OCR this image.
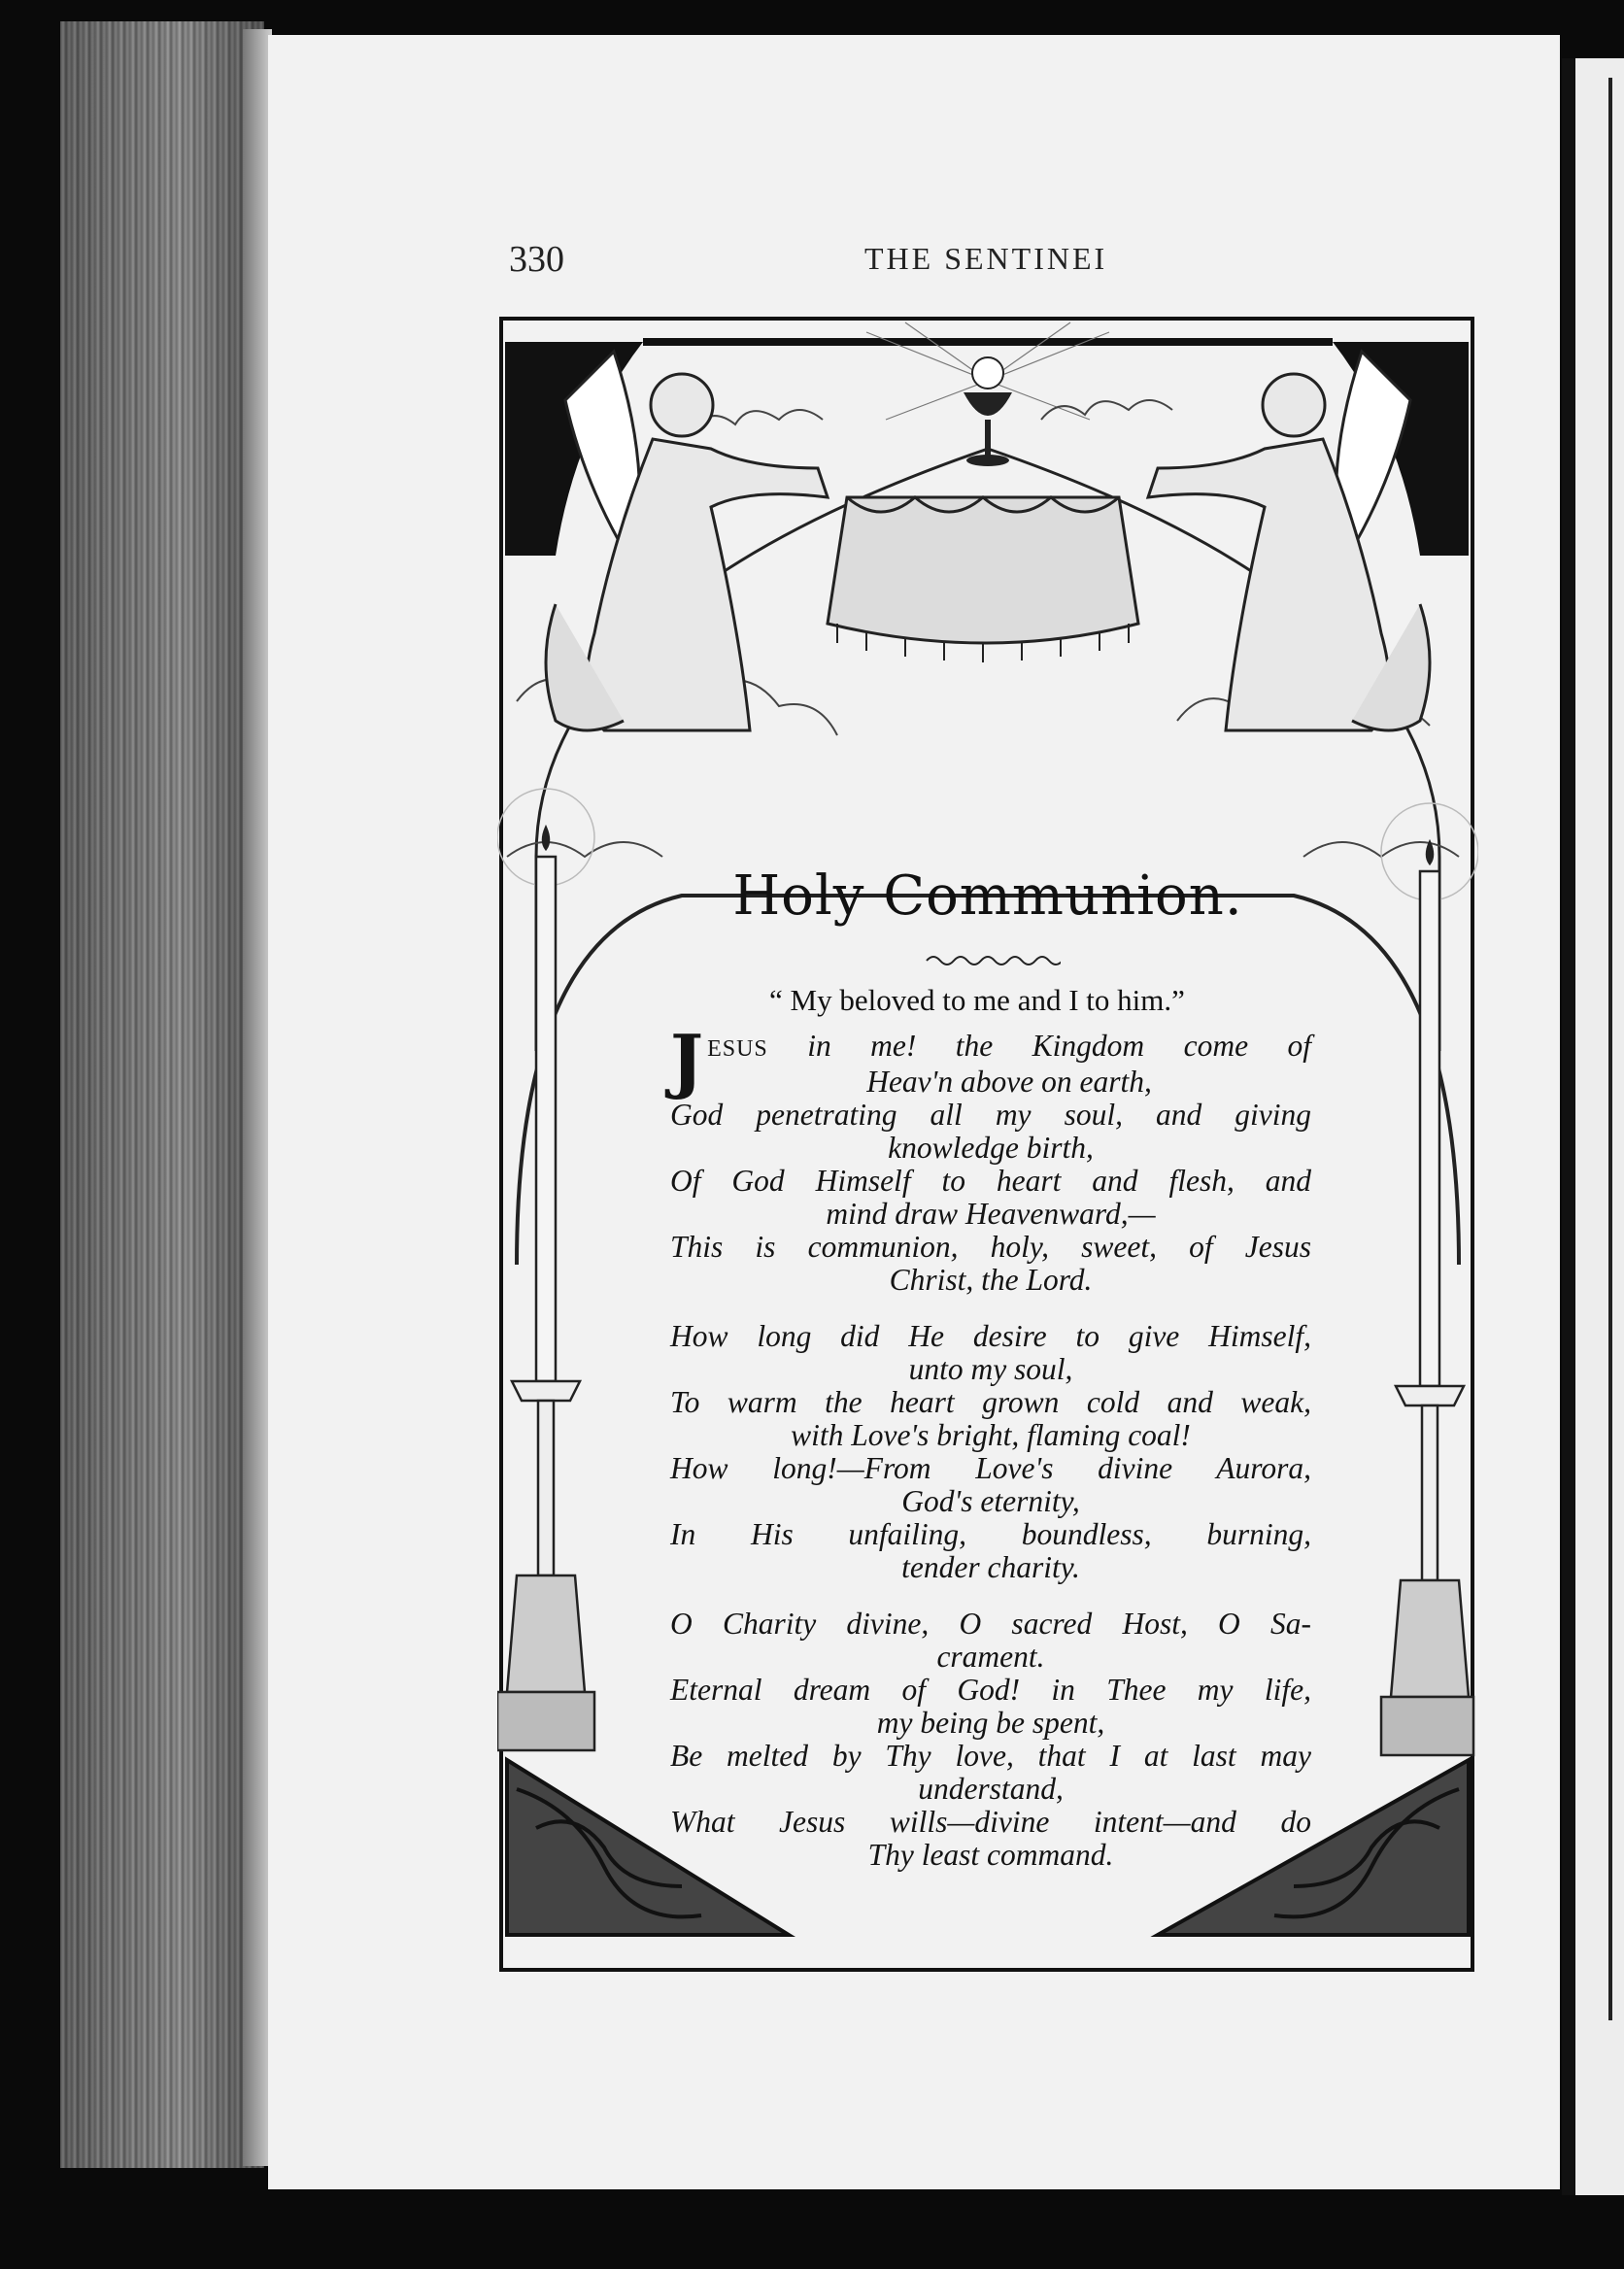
330	THE SENTINEI
Holy Communion.
“ My beloved to me and I to him.”
J ESUS in me! the Kingdom come of
Heav'n above on earth,
God penetrating all my soul, and giving
knowledge birth,
Of God Himself to heart and flesh, and
mind draw Heavenward,—
This is communion, holy, sweet, of Jesus
Christ, the Lord.
How long did He desire to give Himself,
unto my soul,
To warm the heart grown cold and weak,
with Love's bright, flaming coal!
How long!—From Love's divine Aurora,
God's eternity,
In His unfailing, boundless, burning,
tender charity.
O Charity divine, O sacred Host, O Sa-
crament.
Eternal dream of God! in Thee my life,
my being be spent,
Be melted by Thy love, that I at last may
understand,
What Jesus wills—divine intent—and do
Thy least command.
